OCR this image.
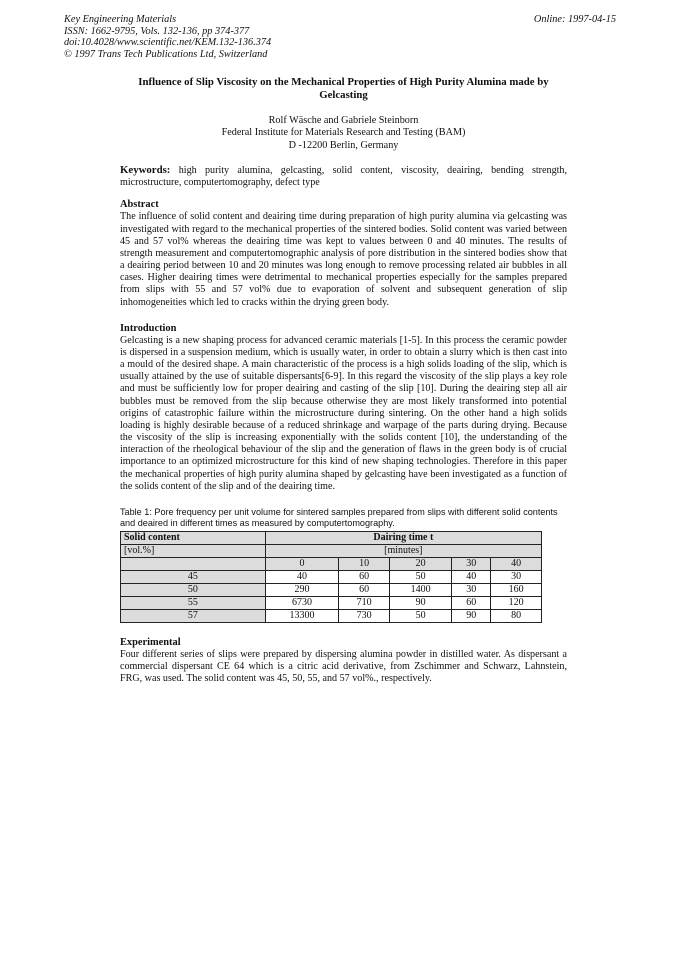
Key Engineering Materials
ISSN: 1662-9795, Vols. 132-136, pp 374-377
doi:10.4028/www.scientific.net/KEM.132-136.374
© 1997 Trans Tech Publications Ltd, Switzerland
Online: 1997-04-15

Influence of Slip Viscosity on the Mechanical Properties of High Purity Alumina made by Gelcasting

Rolf Wäsche and Gabriele Steinborn
Federal Institute for Materials Research and Testing (BAM)
D -12200 Berlin, Germany
Keywords: high purity alumina, gelcasting, solid content, viscosity, deairing, bending strength, microstructure, computertomography, defect type
Abstract

The influence of solid content and deairing time during preparation of high purity alumina via gelcasting was investigated with regard to the mechanical properties of the sintered bodies. Solid content was varied between 45 and 57 vol% whereas the deairing time was kept to values between 0 and 40 minutes. The results of strength measurement and computertomographic analysis of pore distribution in the sintered bodies show that a deairing period between 10 and 20 minutes was long enough to remove processing related air bubbles in all cases. Higher deairing times were detrimental to mechanical properties especially for the samples prepared from slips with 55 and 57 vol% due to evaporation of solvent and subsequent generation of slip inhomogeneities which led to cracks within the drying green body.

Introduction

Gelcasting is a new shaping process for advanced ceramic materials [1-5]. In this process the ceramic powder is dispersed in a suspension medium, which is usually water, in order to obtain a slurry which is then cast into a mould of the desired shape. A main characteristic of the process is a high solids loading of the slip, which is usually attained by the use of suitable dispersants[6-9]. In this regard the viscosity of the slip plays a key role and must be sufficiently low for proper deairing and casting of the slip [10]. During the deairing step all air bubbles must be removed from the slip because otherwise they are most likely transformed into potential origins of catastrophic failure within the microstructure during sintering. On the other hand a high solids loading is highly desirable because of a reduced shrinkage and warpage of the parts during drying. Because the viscosity of the slip is increasing exponentially with the solids content [10], the understanding of the interaction of the rheological behaviour of the slip and the generation of flaws in the green body is of crucial importance to an optimized microstructure for this kind of new shaping technologies. Therefore in this paper the mechanical properties of high purity alumina shaped by gelcasting have been investigated as a function of the solids content of the slip and of the deairing time.

Table 1: Pore frequency per unit volume for sintered samples prepared from slips with different solid contents and deaired in different times as measured by computertomography.
Solid content	Dairing time t				

[vol.%]	[minutes]				
	0	10	20	30	40
45	40	60	50	40	30
50	290	60	1400	30	160
55	6730	710	90	60	120
57	13300	730	50	90	80
Experimental

Four different series of slips were prepared by dispersing alumina powder in distilled water. As dispersant a commercial dispersant CE 64 which is a citric acid derivative, from Zschimmer and Schwarz, Lahnstein, FRG, was used. The solid content was 45, 50, 55, and 57 vol%., respectively.
